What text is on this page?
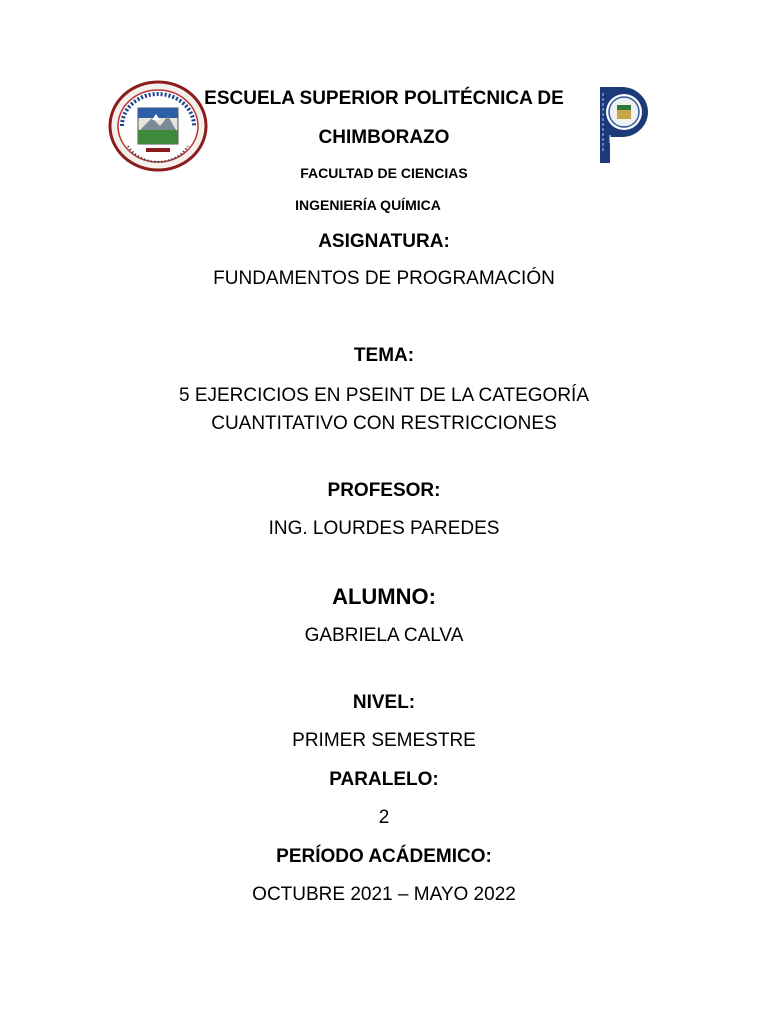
ESCUELA SUPERIOR POLITÉCNICA DE
CHIMBORAZO
FACULTAD DE CIENCIAS
INGENIERÍA QUÍMICA
ASIGNATURA:
FUNDAMENTOS DE PROGRAMACIÓN
TEMA:
5 EJERCICIOS EN PSEINT DE LA CATEGORÍA
CUANTITATIVO CON RESTRICCIONES
PROFESOR:
ING. LOURDES PAREDES
ALUMNO:
GABRIELA CALVA
NIVEL:
PRIMER SEMESTRE
PARALELO:
2
PERÍODO ACÁDEMICO:
OCTUBRE 2021 – MAYO 2022
